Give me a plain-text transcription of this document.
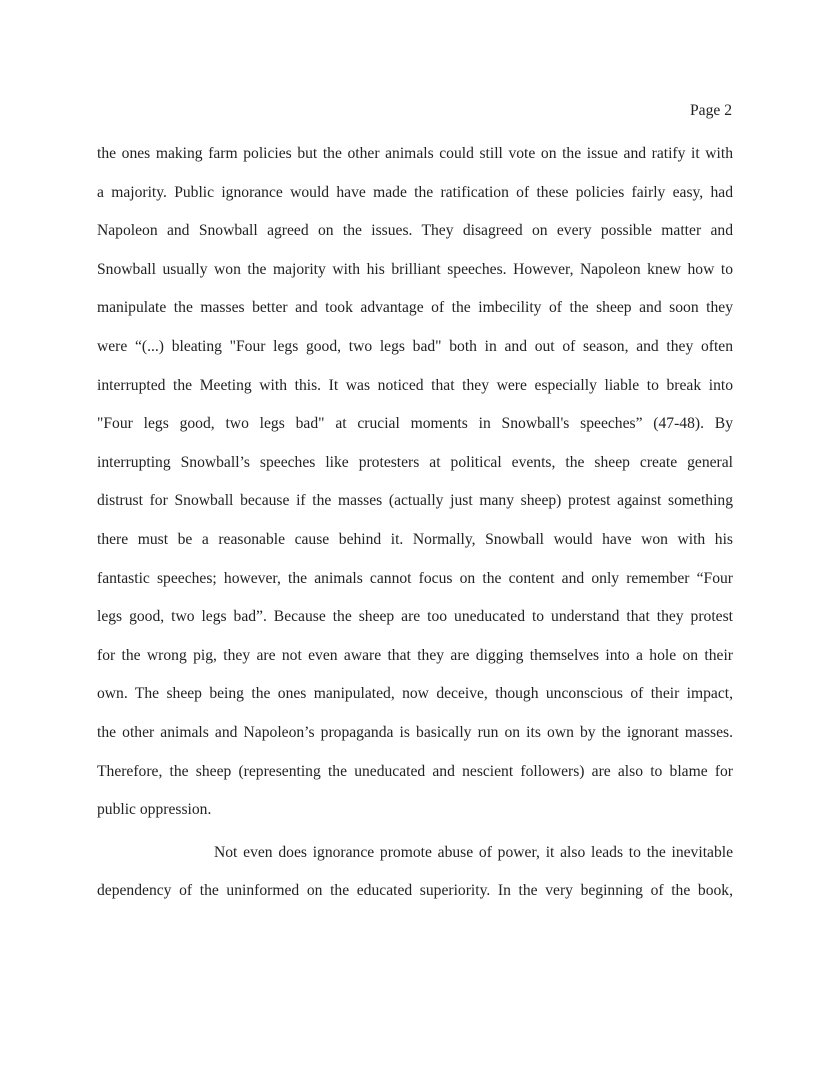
Page 2
the ones making farm policies but the other animals could still vote on the issue and ratify it with
a majority. Public ignorance would have made the ratification of these policies fairly easy, had
Napoleon and Snowball agreed on the issues. They disagreed on every possible matter and
Snowball usually won the majority with his brilliant speeches. However, Napoleon knew how to
manipulate the masses better and took advantage of the imbecility of the sheep and soon they
were “(...) bleating "Four legs good, two legs bad" both in and out of season, and they often
interrupted the Meeting with this. It was noticed that they were especially liable to break into
"Four legs good, two legs bad" at crucial moments in Snowball's speeches” (47-48). By
interrupting Snowball’s speeches like protesters at political events, the sheep create general
distrust for Snowball because if the masses (actually just many sheep) protest against something
there must be a reasonable cause behind it. Normally, Snowball would have won with his
fantastic speeches; however, the animals cannot focus on the content and only remember “Four
legs good, two legs bad”. Because the sheep are too uneducated to understand that they protest
for the wrong pig, they are not even aware that they are digging themselves into a hole on their
own. The sheep being the ones manipulated, now deceive, though unconscious of their impact,
the other animals and Napoleon’s propaganda is basically run on its own by the ignorant masses.
Therefore, the sheep (representing the uneducated and nescient followers) are also to blame for
public oppression.
Not even does ignorance promote abuse of power, it also leads to the inevitable
dependency of the uninformed on the educated superiority. In the very beginning of the book,
